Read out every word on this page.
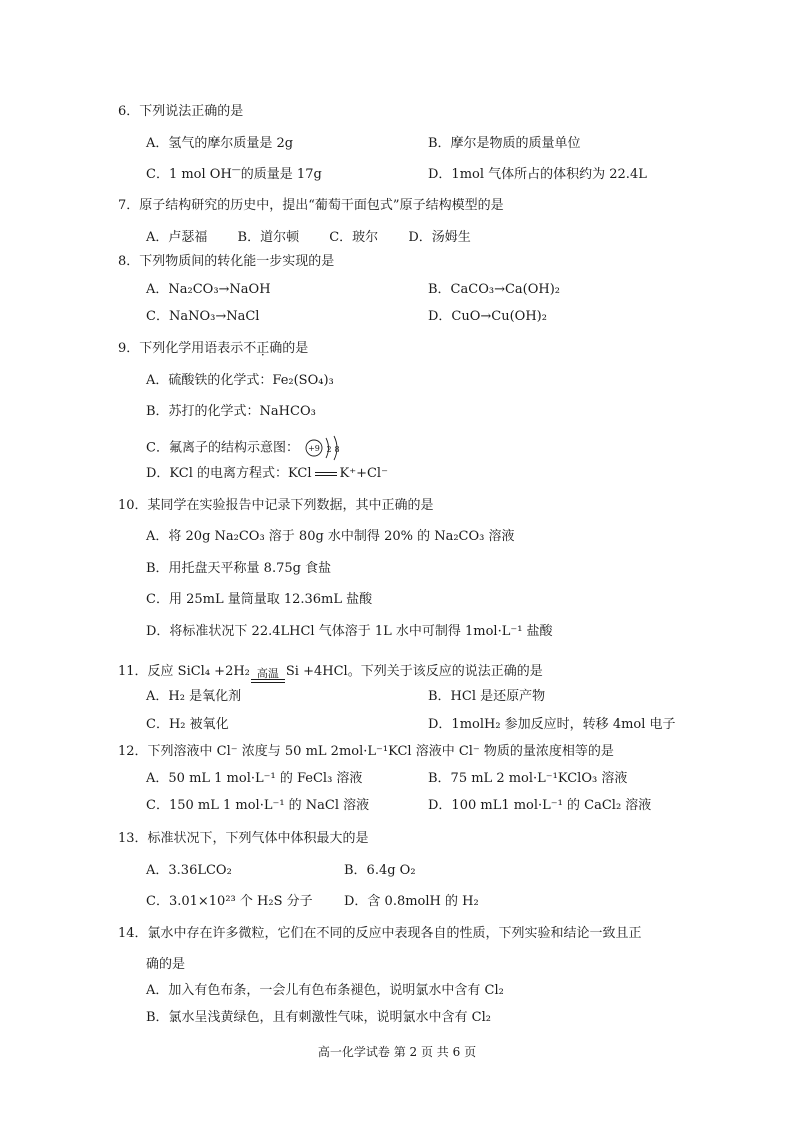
6．下列说法正确的是
A．氢气的摩尔质量是 2g	B．摩尔是物质的质量单位
C．1 mol OH—的质量是 17g	D．1mol 气体所占的体积约为 22.4L
7．原子结构研究的历史中，提出“葡萄干面包式”原子结构模型的是
A．卢瑟福 B．道尔顿 C．玻尔 D．汤姆生
8．下列物质间的转化能一步实现的是
A．Na₂CO₃→NaOH	B．CaCO₃→Ca(OH)₂
C．NaNO₃→NaCl	D．CuO→Cu(OH)₂
9．下列化学用语表示不正确的是
A．硫酸铁的化学式：Fe₂(SO₄)₃
B．苏打的化学式：NaHCO₃
C．氟离子的结构示意图： +9 2 8
D．KCl 的电离方程式：KCl K⁺+Cl⁻
10．某同学在实验报告中记录下列数据，其中正确的是
A．将 20g Na₂CO₃ 溶于 80g 水中制得 20% 的 Na₂CO₃ 溶液
B．用托盘天平称量 8.75g 食盐
C．用 25mL 量筒量取 12.36mL 盐酸
D．将标准状况下 22.4LHCl 气体溶于 1L 水中可制得 1mol·L⁻¹ 盐酸
11．反应 SiCl₄ +2H₂ 高温 Si +4HCl。下列关于该反应的说法正确的是
A．H₂ 是氧化剂	B．HCl 是还原产物
C．H₂ 被氧化	D．1molH₂ 参加反应时，转移 4mol 电子
12．下列溶液中 Cl⁻ 浓度与 50 mL 2mol·L⁻¹KCl 溶液中 Cl⁻ 物质的量浓度相等的是
A．50 mL 1 mol·L⁻¹ 的 FeCl₃ 溶液	B．75 mL 2 mol·L⁻¹KClO₃ 溶液
C．150 mL 1 mol·L⁻¹ 的 NaCl 溶液	D．100 mL1 mol·L⁻¹ 的 CaCl₂ 溶液
13．标准状况下，下列气体中体积最大的是
A．3.36LCO₂	B．6.4g O₂
C．3.01×10²³ 个 H₂S 分子 D．含 0.8molH 的 H₂
14．氯水中存在许多微粒，它们在不同的反应中表现各自的性质，下列实验和结论一致且正
确的是
A．加入有色布条，一会儿有色布条褪色，说明氯水中含有 Cl₂
B．氯水呈浅黄绿色，且有刺激性气味，说明氯水中含有 Cl₂
高一化学试卷 第 2 页 共 6 页
